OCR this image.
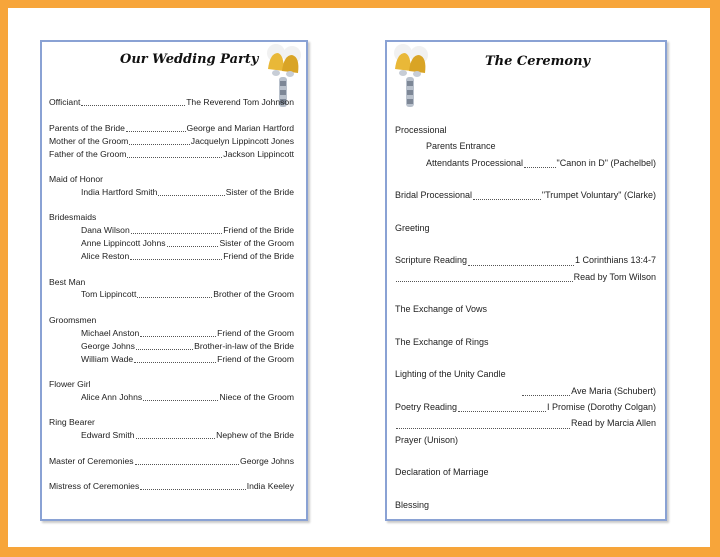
Our Wedding Party
Officiant	The Reverend Tom Johnson
Parents of the Bride	George and Marian Hartford
Mother of the Groom	Jacquelyn Lippincott Jones
Father of the Groom	Jackson Lippincott
Maid of Honor
India Hartford Smith	Sister of the Bride
Bridesmaids
Dana Wilson	Friend of the Bride
Anne Lippincott Johns	Sister of the Groom
Alice Reston	Friend of the Bride
Best Man
Tom Lippincott	Brother of the Groom
Groomsmen
Michael Anston	Friend of the Groom
George Johns	Brother-in-law of the Bride
William Wade	Friend of the Groom
Flower Girl
Alice Ann Johns	Niece of the Groom
Ring Bearer
Edward Smith	Nephew of the Bride
Master of Ceremonies	George Johns
Mistress of Ceremonies	India Keeley
The Ceremony
Processional
Parents Entrance
Attendants Processional	"Canon in D" (Pachelbel)
Bridal Processional	"Trumpet Voluntary" (Clarke)
Greeting
Scripture Reading	1 Corinthians 13:4-7
Read by Tom Wilson
The Exchange of Vows
The Exchange of Rings
Lighting of the Unity Candle
Ave Maria (Schubert)
Poetry Reading	I Promise (Dorothy Colgan)
Read by Marcia Allen
Prayer (Unison)
Declaration of Marriage
Blessing
